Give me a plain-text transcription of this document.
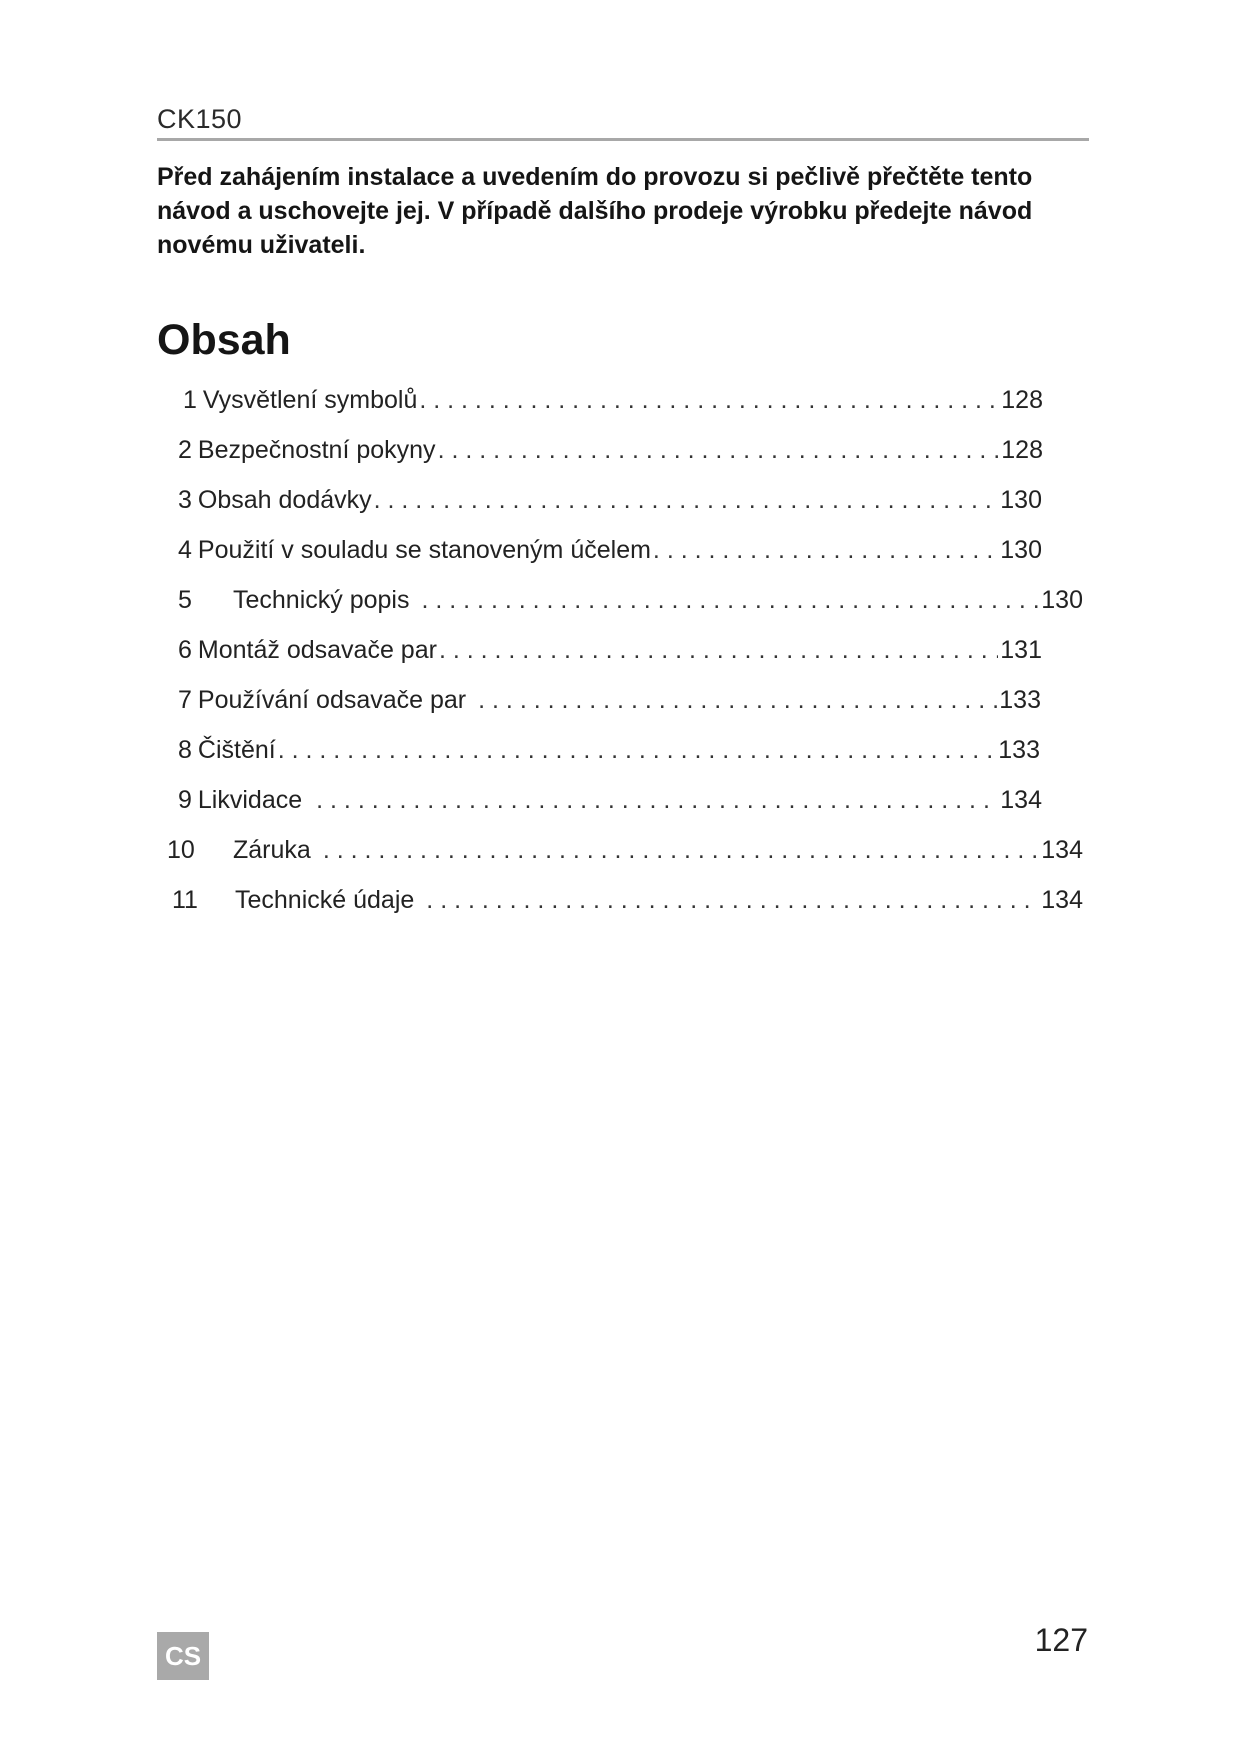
CK150
Před zahájením instalace a uvedením do provozu si pečlivě přečtěte tento návod a uschovejte jej. V případě dalšího prodeje výrobku předejte návod novému uživateli.
Obsah
1 Vysvětlení symbolů . . .	128
2 Bezpečnostní pokyny . . .	128
3 Obsah dodávky . . .	130
4 Použití v souladu se stanoveným účelem . . .	130
5	Technický popis . . .	130
6 Montáž odsavače par . . .	131
7 Používání odsavače par . . .	133
8 Čištění . . .	133
9 Likvidace . . .	134
10	Záruka . . .	134
11	Technické údaje . . .	134
CS	127
